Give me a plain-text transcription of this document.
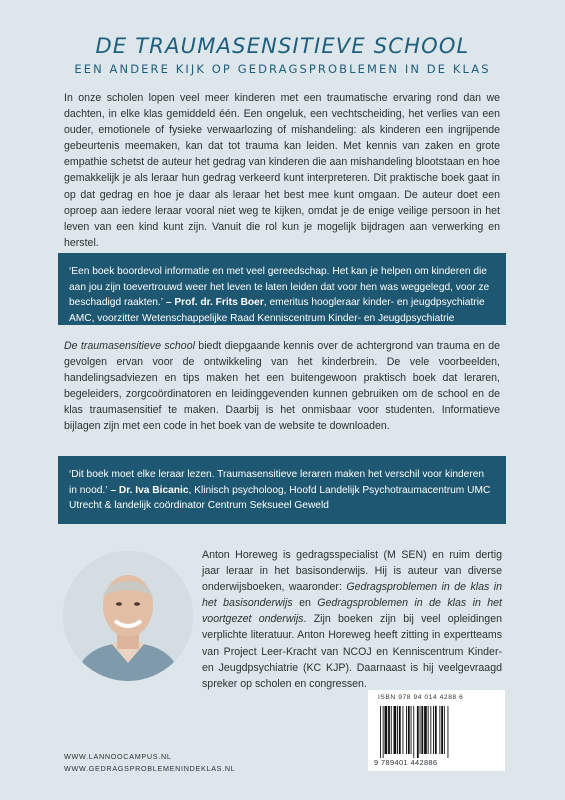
DE TRAUMASENSITIEVE SCHOOL
EEN ANDERE KIJK OP GEDRAGSPROBLEMEN IN DE KLAS
In onze scholen lopen veel meer kinderen met een traumatische ervaring rond dan we dachten, in elke klas gemiddeld één. Een ongeluk, een vechtscheiding, het verlies van een ouder, emotionele of fysieke verwaarlozing of mishandeling: als kinderen een ingrijpende gebeurtenis meemaken, kan dat tot trauma kan leiden. Met kennis van zaken en grote empathie schetst de auteur het gedrag van kinderen die aan mishandeling blootstaan en hoe gemakkelijk je als leraar hun gedrag verkeerd kunt interpreteren. Dit praktische boek gaat in op dat gedrag en hoe je daar als leraar het best mee kunt omgaan. De auteur doet een oproep aan iedere leraar vooral niet weg te kijken, omdat je de enige veilige persoon in het leven van een kind kunt zijn. Vanuit die rol kun je mogelijk bijdragen aan verwerking en herstel.
‘Een boek boordevol informatie en met veel gereedschap. Het kan je helpen om kinderen die aan jou zijn toevertrouwd weer het leven te laten leiden dat voor hen was weggelegd, voor ze beschadigd raakten.’ – Prof. dr. Frits Boer, emeritus hoogleraar kinder- en jeugdpsychiatrie AMC, voorzitter Wetenschappelijke Raad Kenniscentrum Kinder- en Jeugdpsychiatrie
De traumasensitieve school biedt diepgaande kennis over de achtergrond van trauma en de gevolgen ervan voor de ontwikkeling van het kinderbrein. De vele voorbeelden, handelingsadviezen en tips maken het een buitengewoon praktisch boek dat leraren, begeleiders, zorgcoördinatoren en leidinggevenden kunnen gebruiken om de school en de klas traumasensitief te maken. Daarbij is het onmisbaar voor studenten. Informatieve bijlagen zijn met een code in het boek van de website te downloaden.
‘Dit boek moet elke leraar lezen. Traumasensitieve leraren maken het verschil voor kinderen in nood.’ – Dr. Iva Bicanic, Klinisch psycholoog, Hoofd Landelijk Psychotraumacentrum UMC Utrecht & landelijk coördinator Centrum Seksueel Geweld
Anton Horeweg is gedragsspecialist (M SEN) en ruim dertig jaar leraar in het basisonderwijs. Hij is auteur van diverse onderwijsboeken, waaronder: Gedragsproblemen in de klas in het basisonderwijs en Gedragsproblemen in de klas in het voortgezet onderwijs. Zijn boeken zijn bij veel opleidingen verplichte literatuur. Anton Horeweg heeft zitting in expertteams van Project Leer-Kracht van NCOJ en Kenniscentrum Kinder- en Jeugdpsychiatrie (KC KJP). Daarnaast is hij veelgevraagd spreker op scholen en congressen.
WWW.LANNOOCAMPUS.NL
WWW.GEDRAGSPROBLEMENINDEKLAS.NL
ISBN 978 94 014 4288 6
9 789401 442886
